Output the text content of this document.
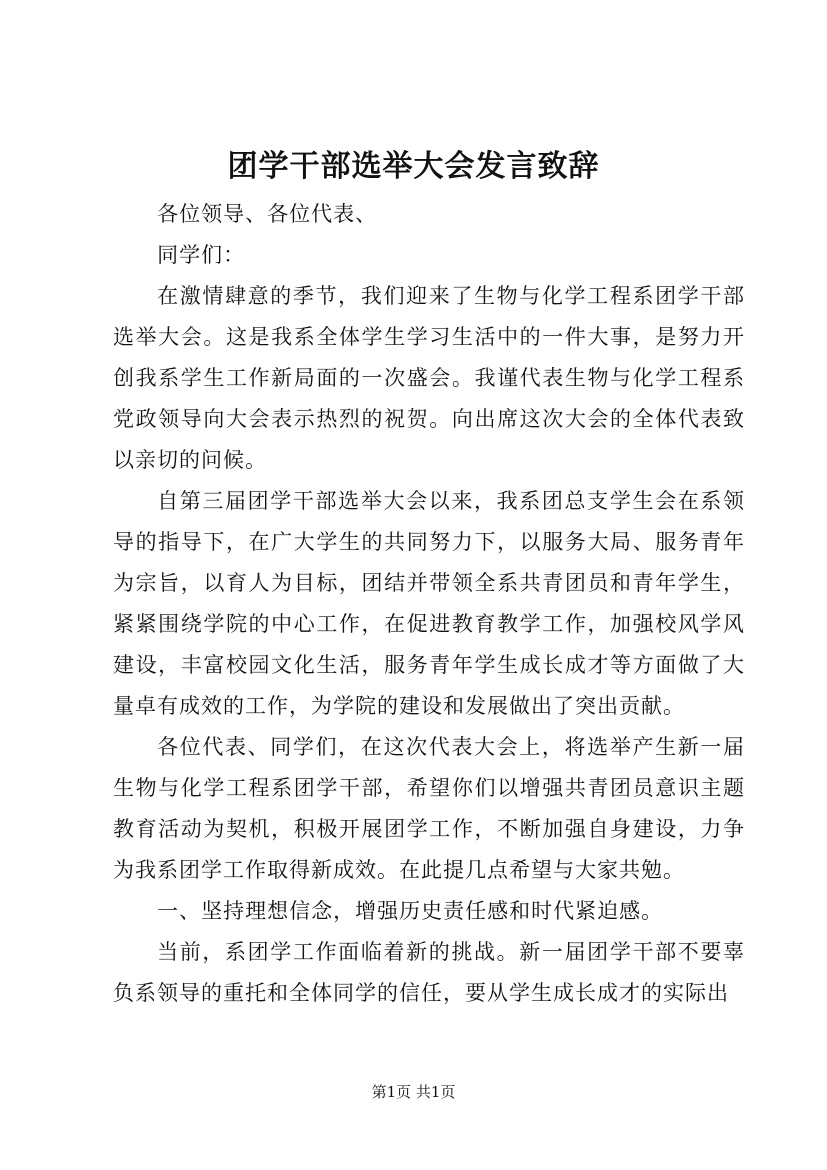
团学干部选举大会发言致辞

各位领导、各位代表、

同学们：

在激情肆意的季节，我们迎来了生物与化学工程系团学干部选举大会。这是我系全体学生学习生活中的一件大事，是努力开创我系学生工作新局面的一次盛会。我谨代表生物与化学工程系党政领导向大会表示热烈的祝贺。向出席这次大会的全体代表致以亲切的问候。

自第三届团学干部选举大会以来，我系团总支学生会在系领导的指导下，在广大学生的共同努力下，以服务大局、服务青年为宗旨，以育人为目标，团结并带领全系共青团员和青年学生，紧紧围绕学院的中心工作，在促进教育教学工作，加强校风学风建设，丰富校园文化生活，服务青年学生成长成才等方面做了大量卓有成效的工作，为学院的建设和发展做出了突出贡献。

各位代表、同学们，在这次代表大会上，将选举产生新一届生物与化学工程系团学干部，希望你们以增强共青团员意识主题教育活动为契机，积极开展团学工作，不断加强自身建设，力争为我系团学工作取得新成效。在此提几点希望与大家共勉。

一、坚持理想信念，增强历史责任感和时代紧迫感。

当前，系团学工作面临着新的挑战。新一届团学干部不要辜负系领导的重托和全体同学的信任，要从学生成长成才的实际出

第1页 共1页
